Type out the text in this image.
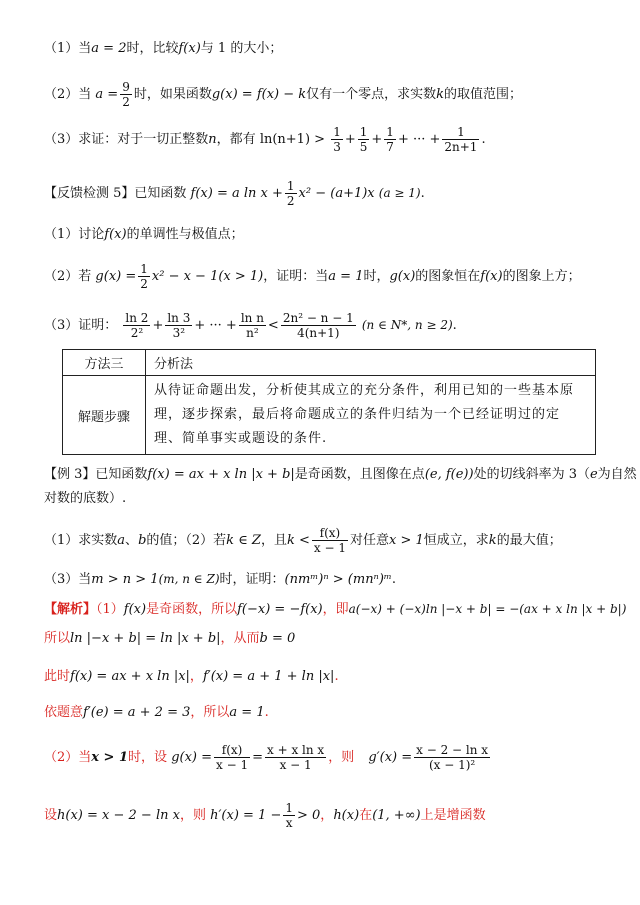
（1）当a = 2时，比较f(x)与 1 的大小；
（2）当 $a = \frac{9}{2}$ 时，如果函数g(x) = f(x) − k仅有一个零点，求实数k的取值范围；
（3）求证：对于一切正整数n，都有 $\ln(n+1) > \frac{1}{3} + \frac{1}{5} + \frac{1}{7}$ + ··· + $\frac{1}{2n+1}$ .
【反馈检测 5】已知函数 f(x) = a $\ln x + \frac{1}{2} x^2 - (a+1)x$ (a ≥ 1).
（1）讨论f(x)的单调性与极值点；
（2）若 $g(x) = \frac{1}{2} x^2 - x - 1(x > 1)$，证明：当a = 1时，g(x)的图象恒在f(x)的图象上方；
（3）证明： $\frac{\ln 2}{\text{2²}} + \frac{\ln 3}{\text{3²}}$ + ··· + $\frac{\text{ln n}}{\text{n²}} < \frac{\text{2n² − n − 1}}{4(n+1)} (n$ ∈ N*, n ≥ 2).
方法三	分析法
解题步骤	从待证命题出发，分析使其成立的充分条件，利用已知的一些基本原理，逐步探索，最后将命题成立的条件归结为一个已经证明过的定理、简单事实或题设的条件.
【例 3】已知函数f(x) = ax + x ln |x + b|是奇函数，且图像在点(e, f(e))处的切线斜率为 3（e为自然
对数的底数）.
（1）求实数a、b的值；（2）若k ∈ Z，且$k < \frac{f(x)}{x - 1}$ 对任意x > 1恒成立，求k的最大值；
（3）当m > n > 1(m, n ∈ Z)时，证明：(nmᵐ)ⁿ > (mnⁿ)ᵐ.
【解析】（1）f(x)是奇函数，所以f(−x) = −f(x)，即a(−x) + (−x)ln |−x + b| = −(ax + x ln |x + b|)
所以ln |−x + b| = ln |x + b|，从而b = 0
此时f(x) = ax + x ln |x|，f′(x) = a + 1 + ln |x|.
依题意f′(e) = a + 2 = 3，所以a = 1.
（2）当x > 1时，设 $g(x) = \frac{f(x)}{x - 1} = \frac{\text{x + x ln x}}{x - 1}$ ，则 $g'(x) = \frac{\text{x − 2 − ln x}}{\text{(x − 1)²}}$
设h(x) = x − 2 − ln x，则 $h'(x) = 1 - \frac{1}{x} > 0$，h(x)在(1, +∞)上是增函数
